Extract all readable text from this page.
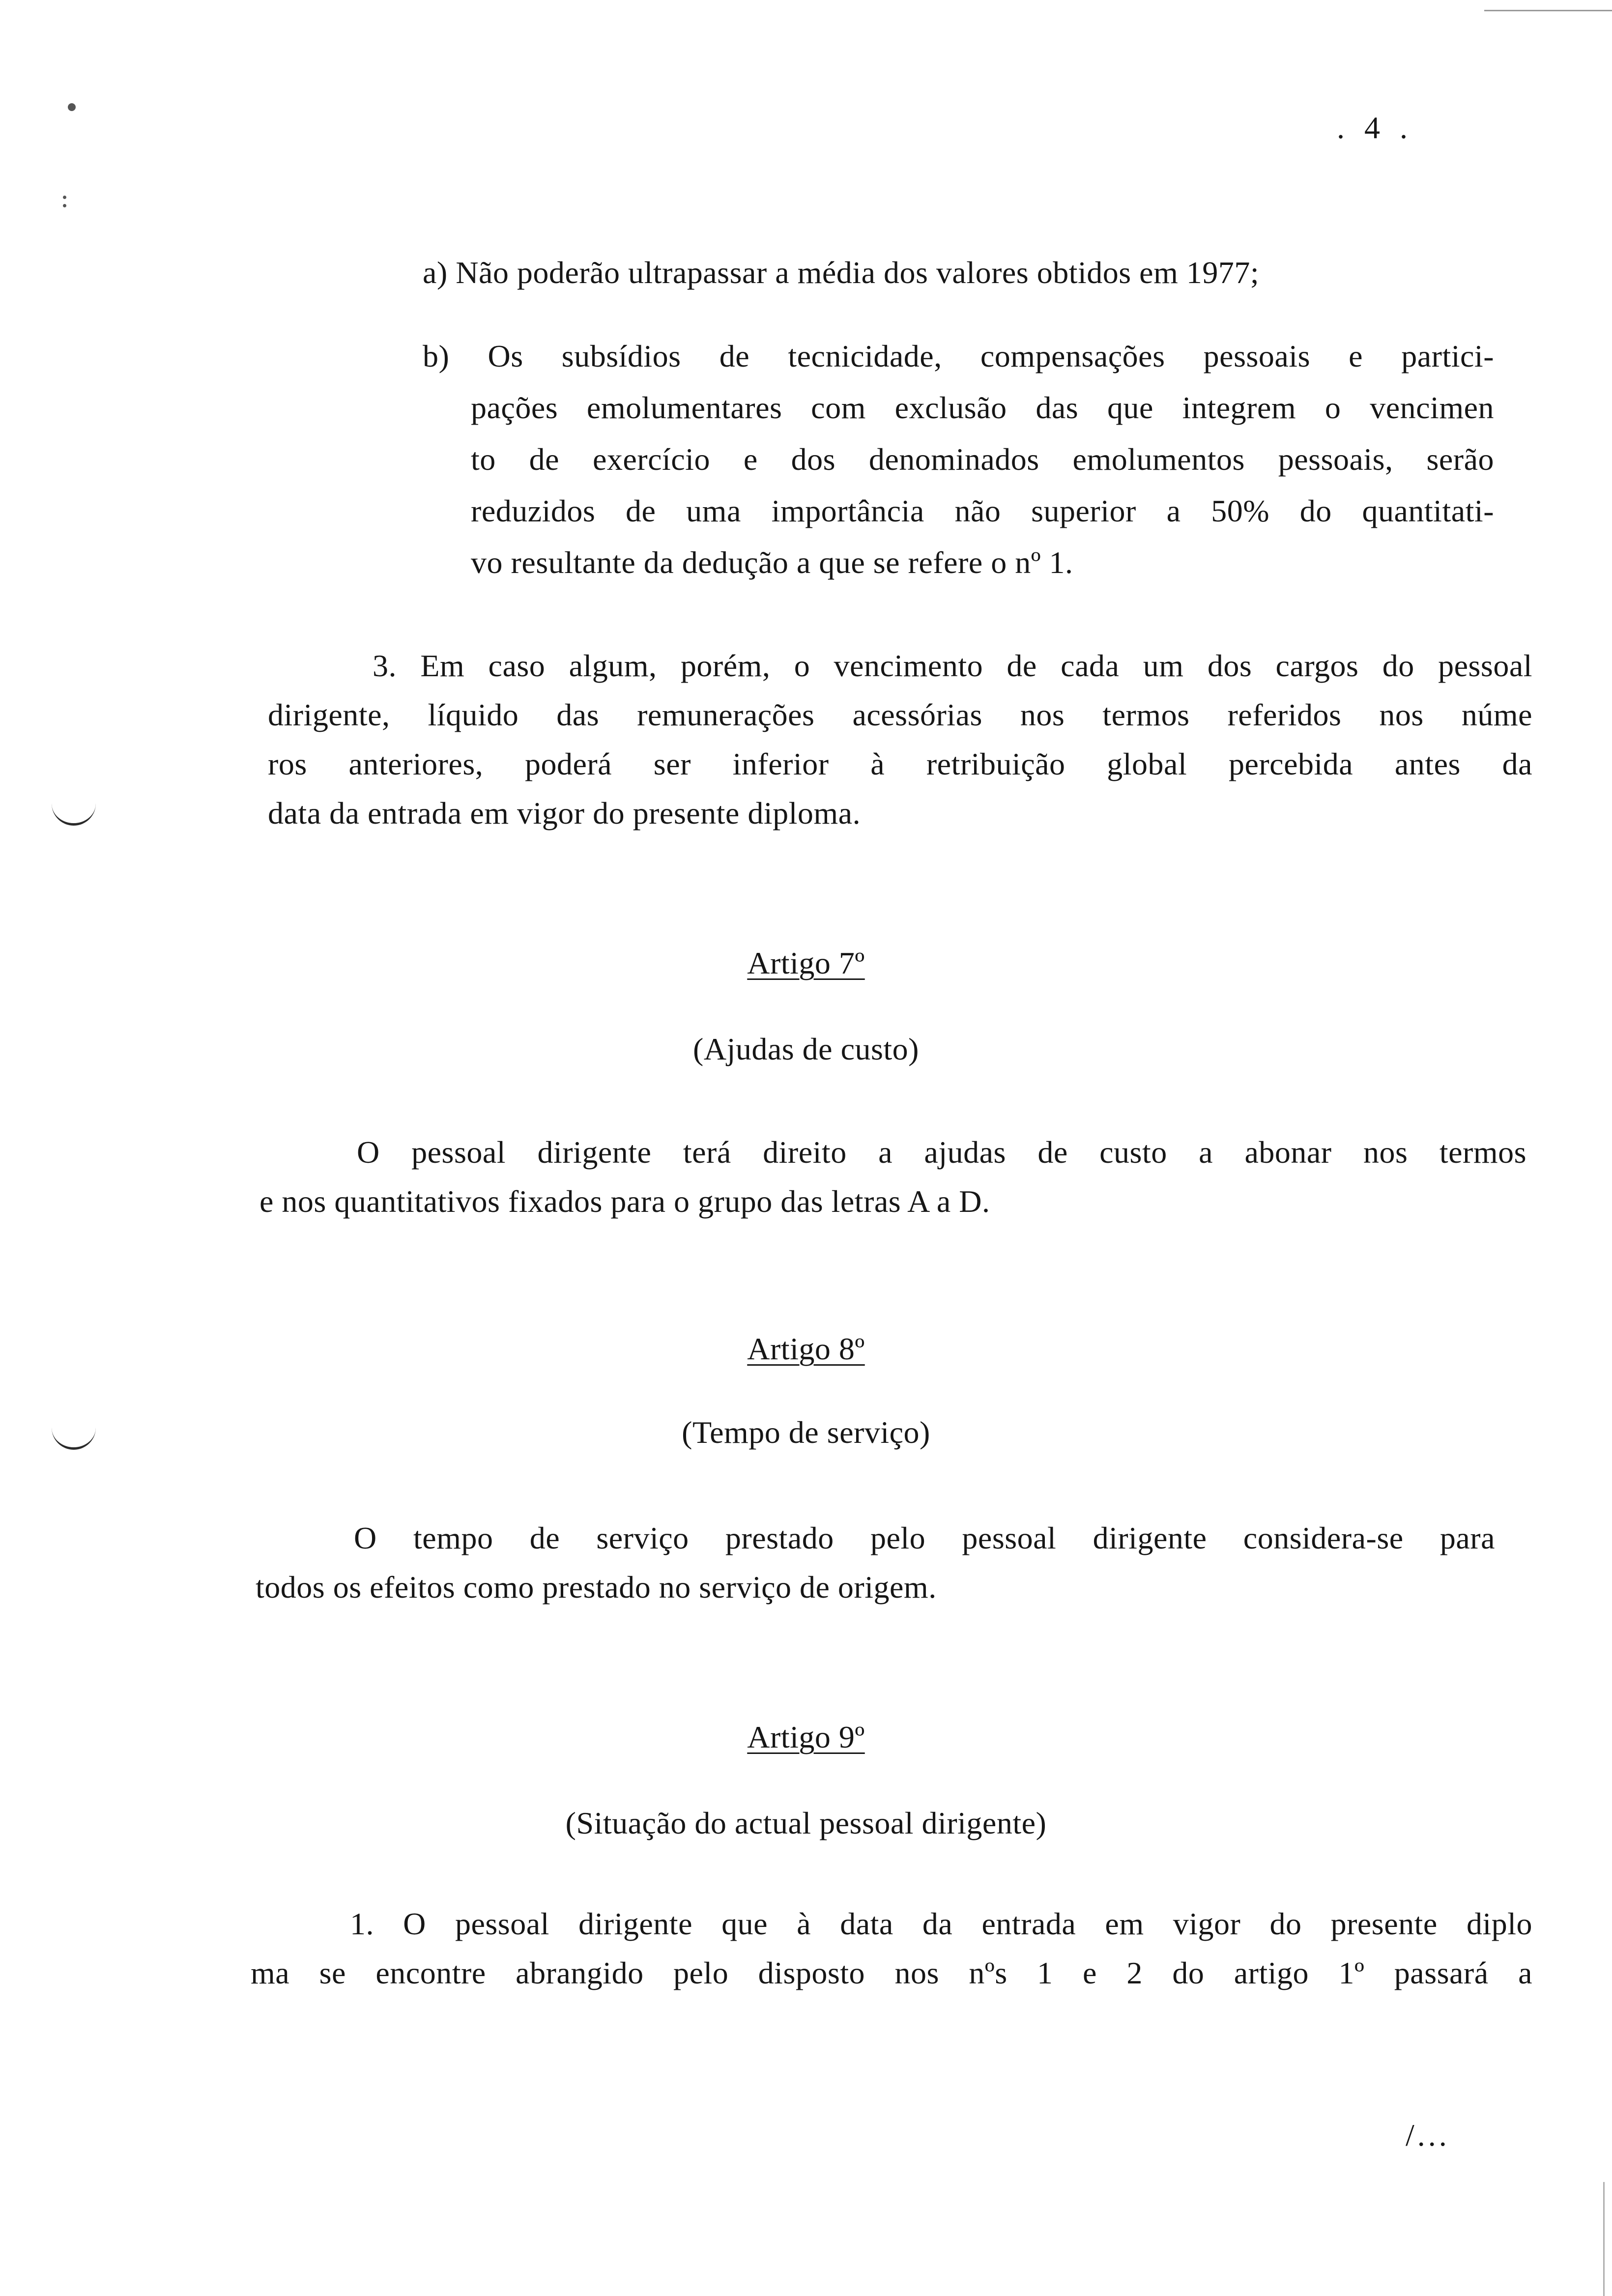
. 4 .
a) Não poderão ultrapassar a média dos valores obtidos em 1977;
b) Os subsídios de tecnicidade, compensações pessoais e partici-
pações emolumentares com exclusão das que integrem o vencimen
to de exercício e dos denominados emolumentos pessoais, serão
reduzidos de uma importância não superior a 50% do quantitati-
vo resultante da dedução a que se refere o nº 1.
3. Em caso algum, porém, o vencimento de cada um dos cargos do pessoal
dirigente, líquido das remunerações acessórias nos termos referidos nos núme
ros anteriores, poderá ser inferior à retribuição global percebida antes da
data da entrada em vigor do presente diploma.
Artigo 7º
(Ajudas de custo)
O pessoal dirigente terá direito a ajudas de custo a abonar nos termos
e nos quantitativos fixados para o grupo das letras A a D.
Artigo 8º
(Tempo de serviço)
O tempo de serviço prestado pelo pessoal dirigente considera-se para
todos os efeitos como prestado no serviço de origem.
Artigo 9º
(Situação do actual pessoal dirigente)
1. O pessoal dirigente que à data da entrada em vigor do presente diplo
ma se encontre abrangido pelo disposto nos nºs 1 e 2 do artigo 1º passará a
/...
